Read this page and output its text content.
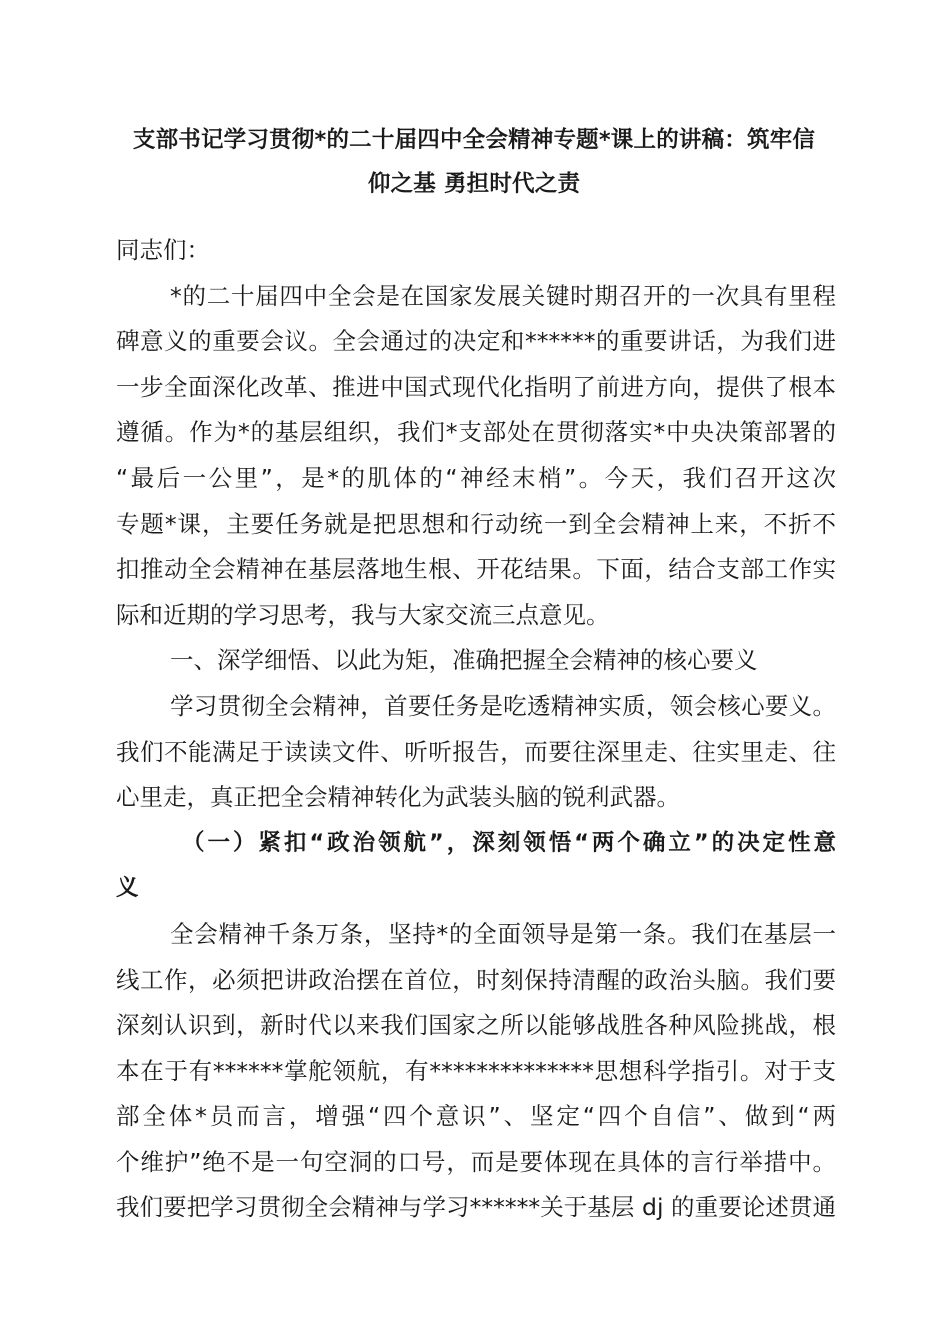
支部书记学习贯彻*的二十届四中全会精神专题*课上的讲稿：筑牢信
仰之基 勇担时代之责
同志们：
*的二十届四中全会是在国家发展关键时期召开的一次具有里程
碑意义的重要会议。全会通过的决定和******的重要讲话，为我们进
一步全面深化改革、推进中国式现代化指明了前进方向，提供了根本
遵循。作为*的基层组织，我们*支部处在贯彻落实*中央决策部署的
“最后一公里”，是*的肌体的“神经末梢”。今天，我们召开这次
专题*课，主要任务就是把思想和行动统一到全会精神上来，不折不
扣推动全会精神在基层落地生根、开花结果。下面，结合支部工作实
际和近期的学习思考，我与大家交流三点意见。
一、深学细悟、以此为矩，准确把握全会精神的核心要义
学习贯彻全会精神，首要任务是吃透精神实质，领会核心要义。
我们不能满足于读读文件、听听报告，而要往深里走、往实里走、往
心里走，真正把全会精神转化为武装头脑的锐利武器。
（一）紧扣“政治领航”，深刻领悟“两个确立”的决定性意
义
全会精神千条万条，坚持*的全面领导是第一条。我们在基层一
线工作，必须把讲政治摆在首位，时刻保持清醒的政治头脑。我们要
深刻认识到，新时代以来我们国家之所以能够战胜各种风险挑战，根
本在于有******掌舵领航，有**************思想科学指引。对于支
部全体*员而言，增强“四个意识”、坚定“四个自信”、做到“两
个维护”绝不是一句空洞的口号，而是要体现在具体的言行举措中。
我们要把学习贯彻全会精神与学习******关于基层 dj 的重要论述贯通
